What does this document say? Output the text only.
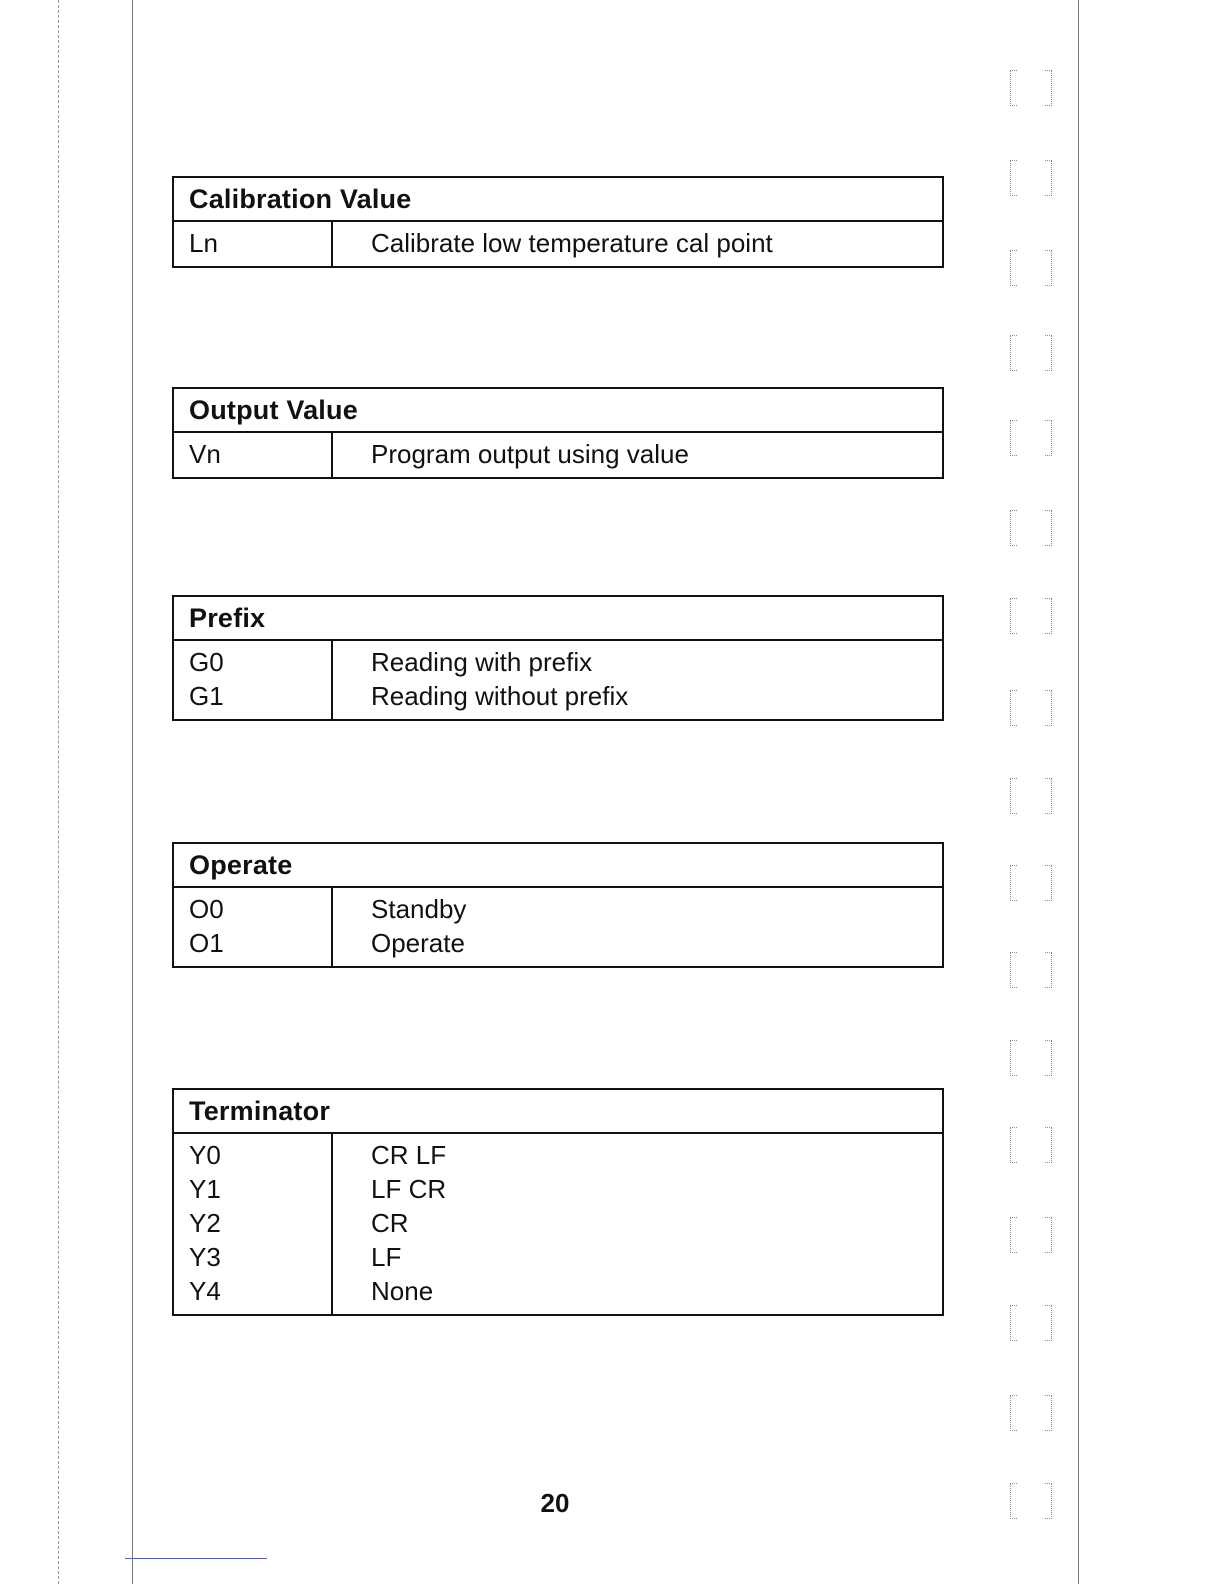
Calibration Value
Ln	Calibrate low temperature cal point
Output Value
Vn	Program output using value
Prefix
G0
G1
Reading with prefix
Reading without prefix
Operate
O0
O1
Standby
Operate
Terminator
Y0
Y1
Y2
Y3
Y4
CR LF
LF CR
CR
LF
None
20
